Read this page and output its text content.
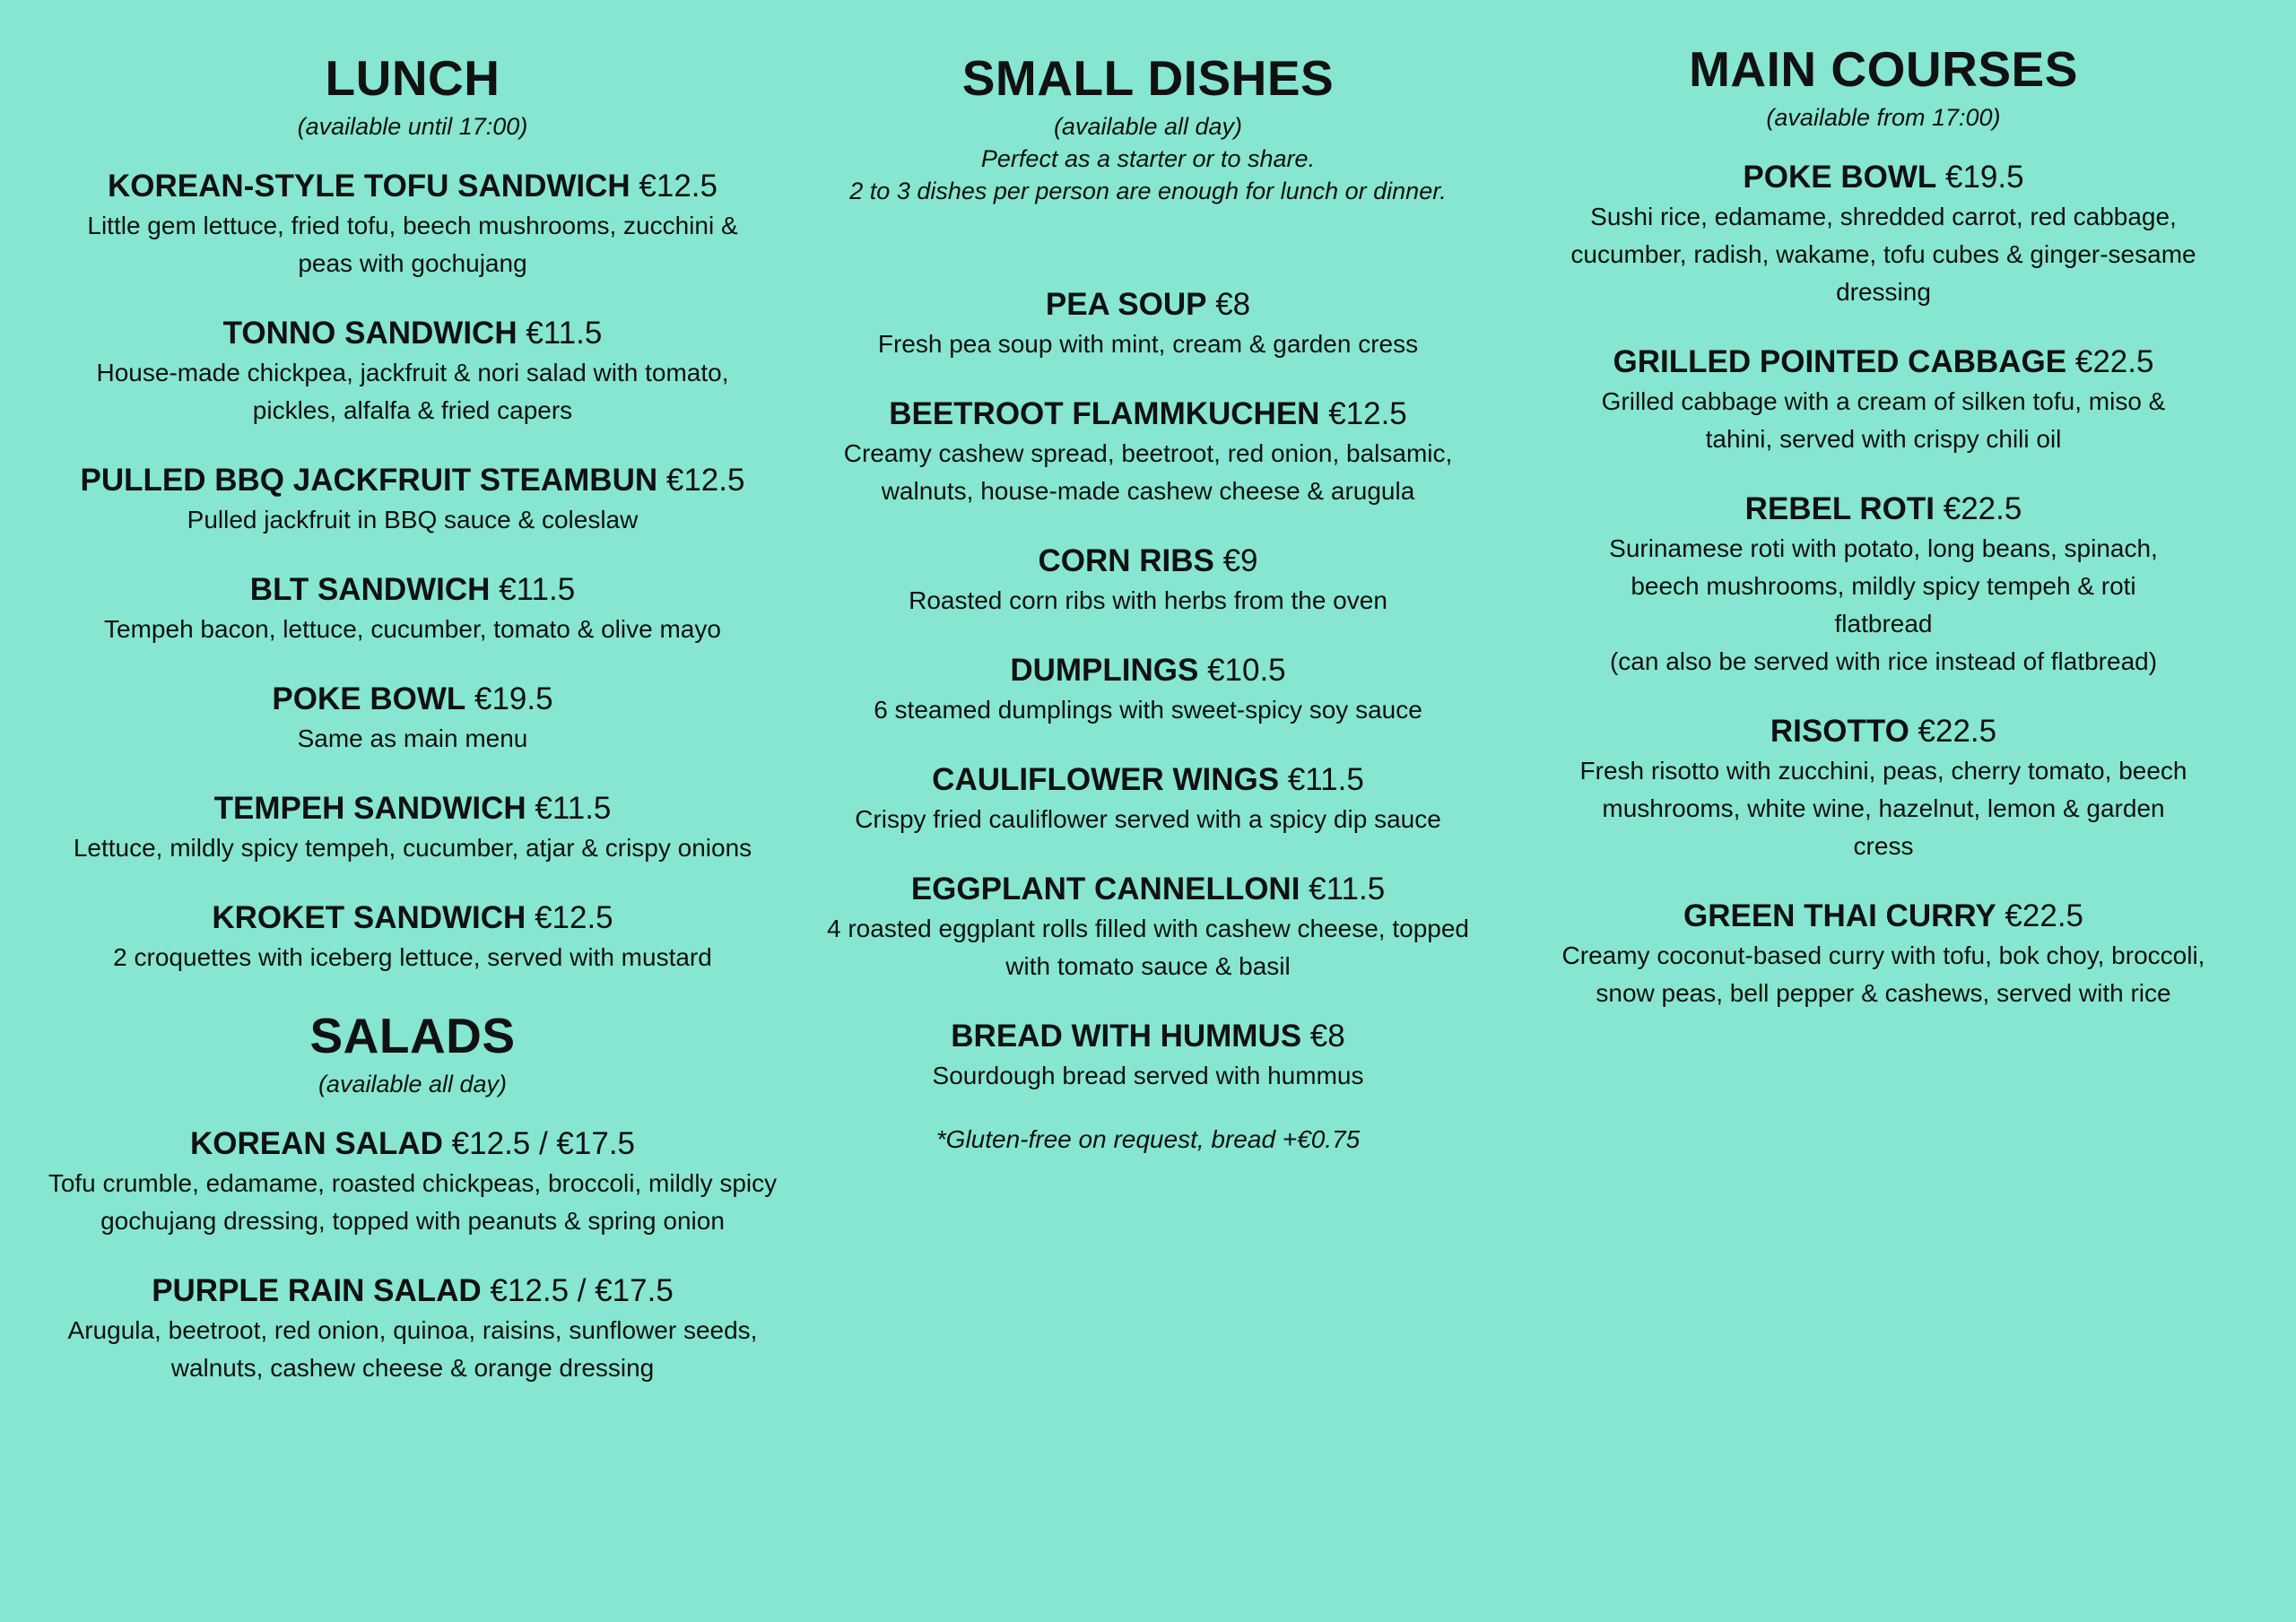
LUNCH
(available until 17:00)
KOREAN-STYLE TOFU SANDWICH €12.5
Little gem lettuce, fried tofu, beech mushrooms, zucchini & peas with gochujang
TONNO SANDWICH €11.5
House-made chickpea, jackfruit & nori salad with tomato, pickles, alfalfa & fried capers
PULLED BBQ JACKFRUIT STEAMBUN €12.5
Pulled jackfruit in BBQ sauce & coleslaw
BLT SANDWICH €11.5
Tempeh bacon, lettuce, cucumber, tomato & olive mayo
POKE BOWL €19.5
Same as main menu
TEMPEH SANDWICH €11.5
Lettuce, mildly spicy tempeh, cucumber, atjar & crispy onions
KROKET SANDWICH €12.5
2 croquettes with iceberg lettuce, served with mustard
SALADS
(available all day)
KOREAN SALAD €12.5 / €17.5
Tofu crumble, edamame, roasted chickpeas, broccoli, mildly spicy gochujang dressing, topped with peanuts & spring onion
PURPLE RAIN SALAD €12.5 / €17.5
Arugula, beetroot, red onion, quinoa, raisins, sunflower seeds, walnuts, cashew cheese & orange dressing
SMALL DISHES
(available all day)
Perfect as a starter or to share.
2 to 3 dishes per person are enough for lunch or dinner.
PEA SOUP €8
Fresh pea soup with mint, cream & garden cress
BEETROOT FLAMMKUCHEN €12.5
Creamy cashew spread, beetroot, red onion, balsamic, walnuts, house-made cashew cheese & arugula
CORN RIBS €9
Roasted corn ribs with herbs from the oven
DUMPLINGS €10.5
6 steamed dumplings with sweet-spicy soy sauce
CAULIFLOWER WINGS €11.5
Crispy fried cauliflower served with a spicy dip sauce
EGGPLANT CANNELLONI €11.5
4 roasted eggplant rolls filled with cashew cheese, topped with tomato sauce & basil
BREAD WITH HUMMUS €8
Sourdough bread served with hummus
*Gluten-free on request, bread +€0.75
MAIN COURSES
(available from 17:00)
POKE BOWL €19.5
Sushi rice, edamame, shredded carrot, red cabbage, cucumber, radish, wakame, tofu cubes & ginger-sesame dressing
GRILLED POINTED CABBAGE €22.5
Grilled cabbage with a cream of silken tofu, miso & tahini, served with crispy chili oil
REBEL ROTI €22.5
Surinamese roti with potato, long beans, spinach, beech mushrooms, mildly spicy tempeh & roti flatbread
(can also be served with rice instead of flatbread)
RISOTTO €22.5
Fresh risotto with zucchini, peas, cherry tomato, beech mushrooms, white wine, hazelnut, lemon & garden cress
GREEN THAI CURRY €22.5
Creamy coconut-based curry with tofu, bok choy, broccoli, snow peas, bell pepper & cashews, served with rice
